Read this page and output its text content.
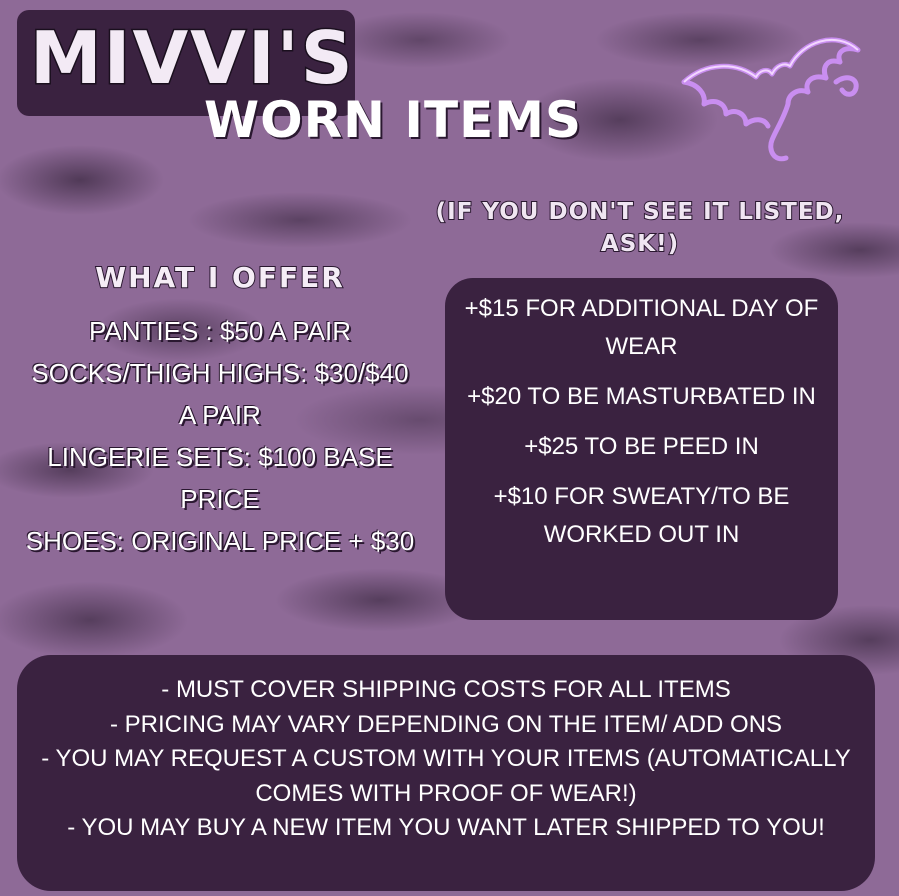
MIVVI'S
WORN ITEMS
(IF YOU DON'T SEE IT LISTED, ASK!)
WHAT I OFFER
PANTIES : $50 A PAIR
SOCKS/THIGH HIGHS: $30/$40 A PAIR
LINGERIE SETS: $100 BASE PRICE
SHOES: ORIGINAL PRICE + $30
+$15 FOR ADDITIONAL DAY OF WEAR
+$20 TO BE MASTURBATED IN
+$25 TO BE PEED IN
+$10 FOR SWEATY/TO BE WORKED OUT IN
- MUST COVER SHIPPING COSTS FOR ALL ITEMS
- PRICING MAY VARY DEPENDING ON THE ITEM/ ADD ONS
- YOU MAY REQUEST A CUSTOM WITH YOUR ITEMS (AUTOMATICALLY COMES WITH PROOF OF WEAR!)
- YOU MAY BUY A NEW ITEM YOU WANT LATER SHIPPED TO YOU!
